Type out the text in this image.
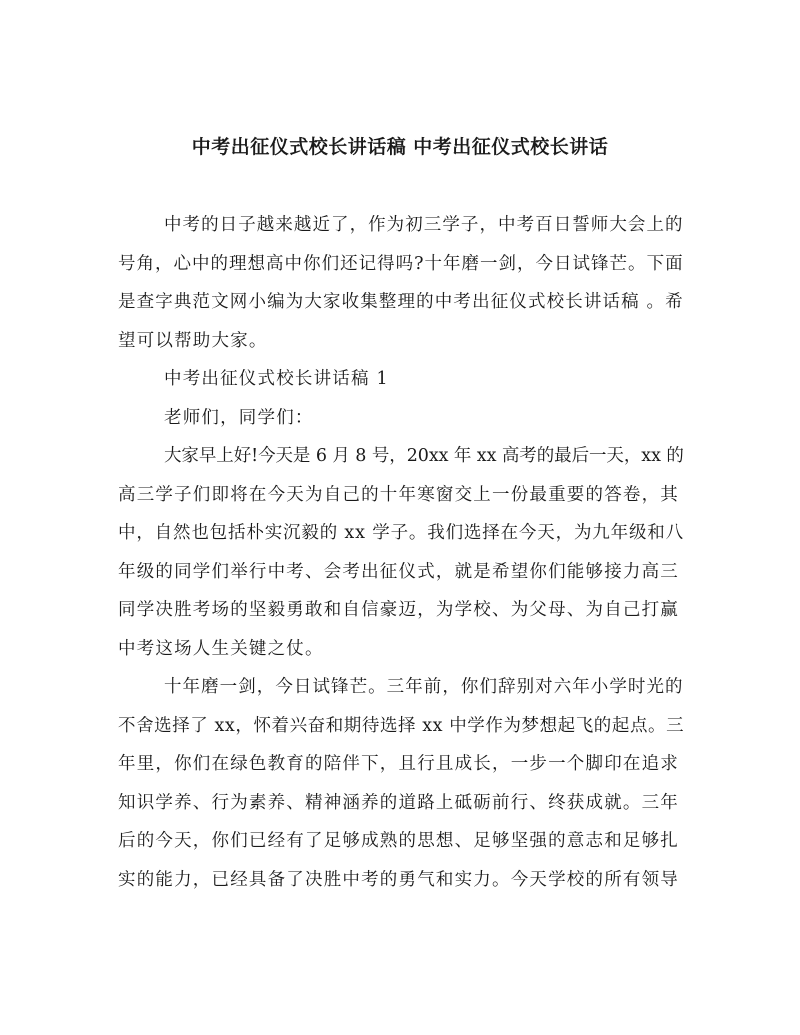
中考出征仪式校长讲话稿 中考出征仪式校长讲话
中考的日子越来越近了，作为初三学子，中考百日誓师大会上的
号角，心中的理想高中你们还记得吗?十年磨一剑，今日试锋芒。下面
是查字典范文网小编为大家收集整理的中考出征仪式校长讲话稿 。希
望可以帮助大家。
中考出征仪式校长讲话稿 1
老师们，同学们：
大家早上好!今天是 6 月 8 号，20xx 年 xx 高考的最后一天，xx 的
高三学子们即将在今天为自己的十年寒窗交上一份最重要的答卷，其
中，自然也包括朴实沉毅的 xx 学子。我们选择在今天，为九年级和八
年级的同学们举行中考、会考出征仪式，就是希望你们能够接力高三
同学决胜考场的坚毅勇敢和自信豪迈，为学校、为父母、为自己打赢
中考这场人生关键之仗。
十年磨一剑，今日试锋芒。三年前，你们辞别对六年小学时光的
不舍选择了 xx，怀着兴奋和期待选择 xx 中学作为梦想起飞的起点。三
年里，你们在绿色教育的陪伴下，且行且成长，一步一个脚印在追求
知识学养、行为素养、精神涵养的道路上砥砺前行、终获成就。三年
后的今天，你们已经有了足够成熟的思想、足够坚强的意志和足够扎
实的能力，已经具备了决胜中考的勇气和实力。今天学校的所有领导
